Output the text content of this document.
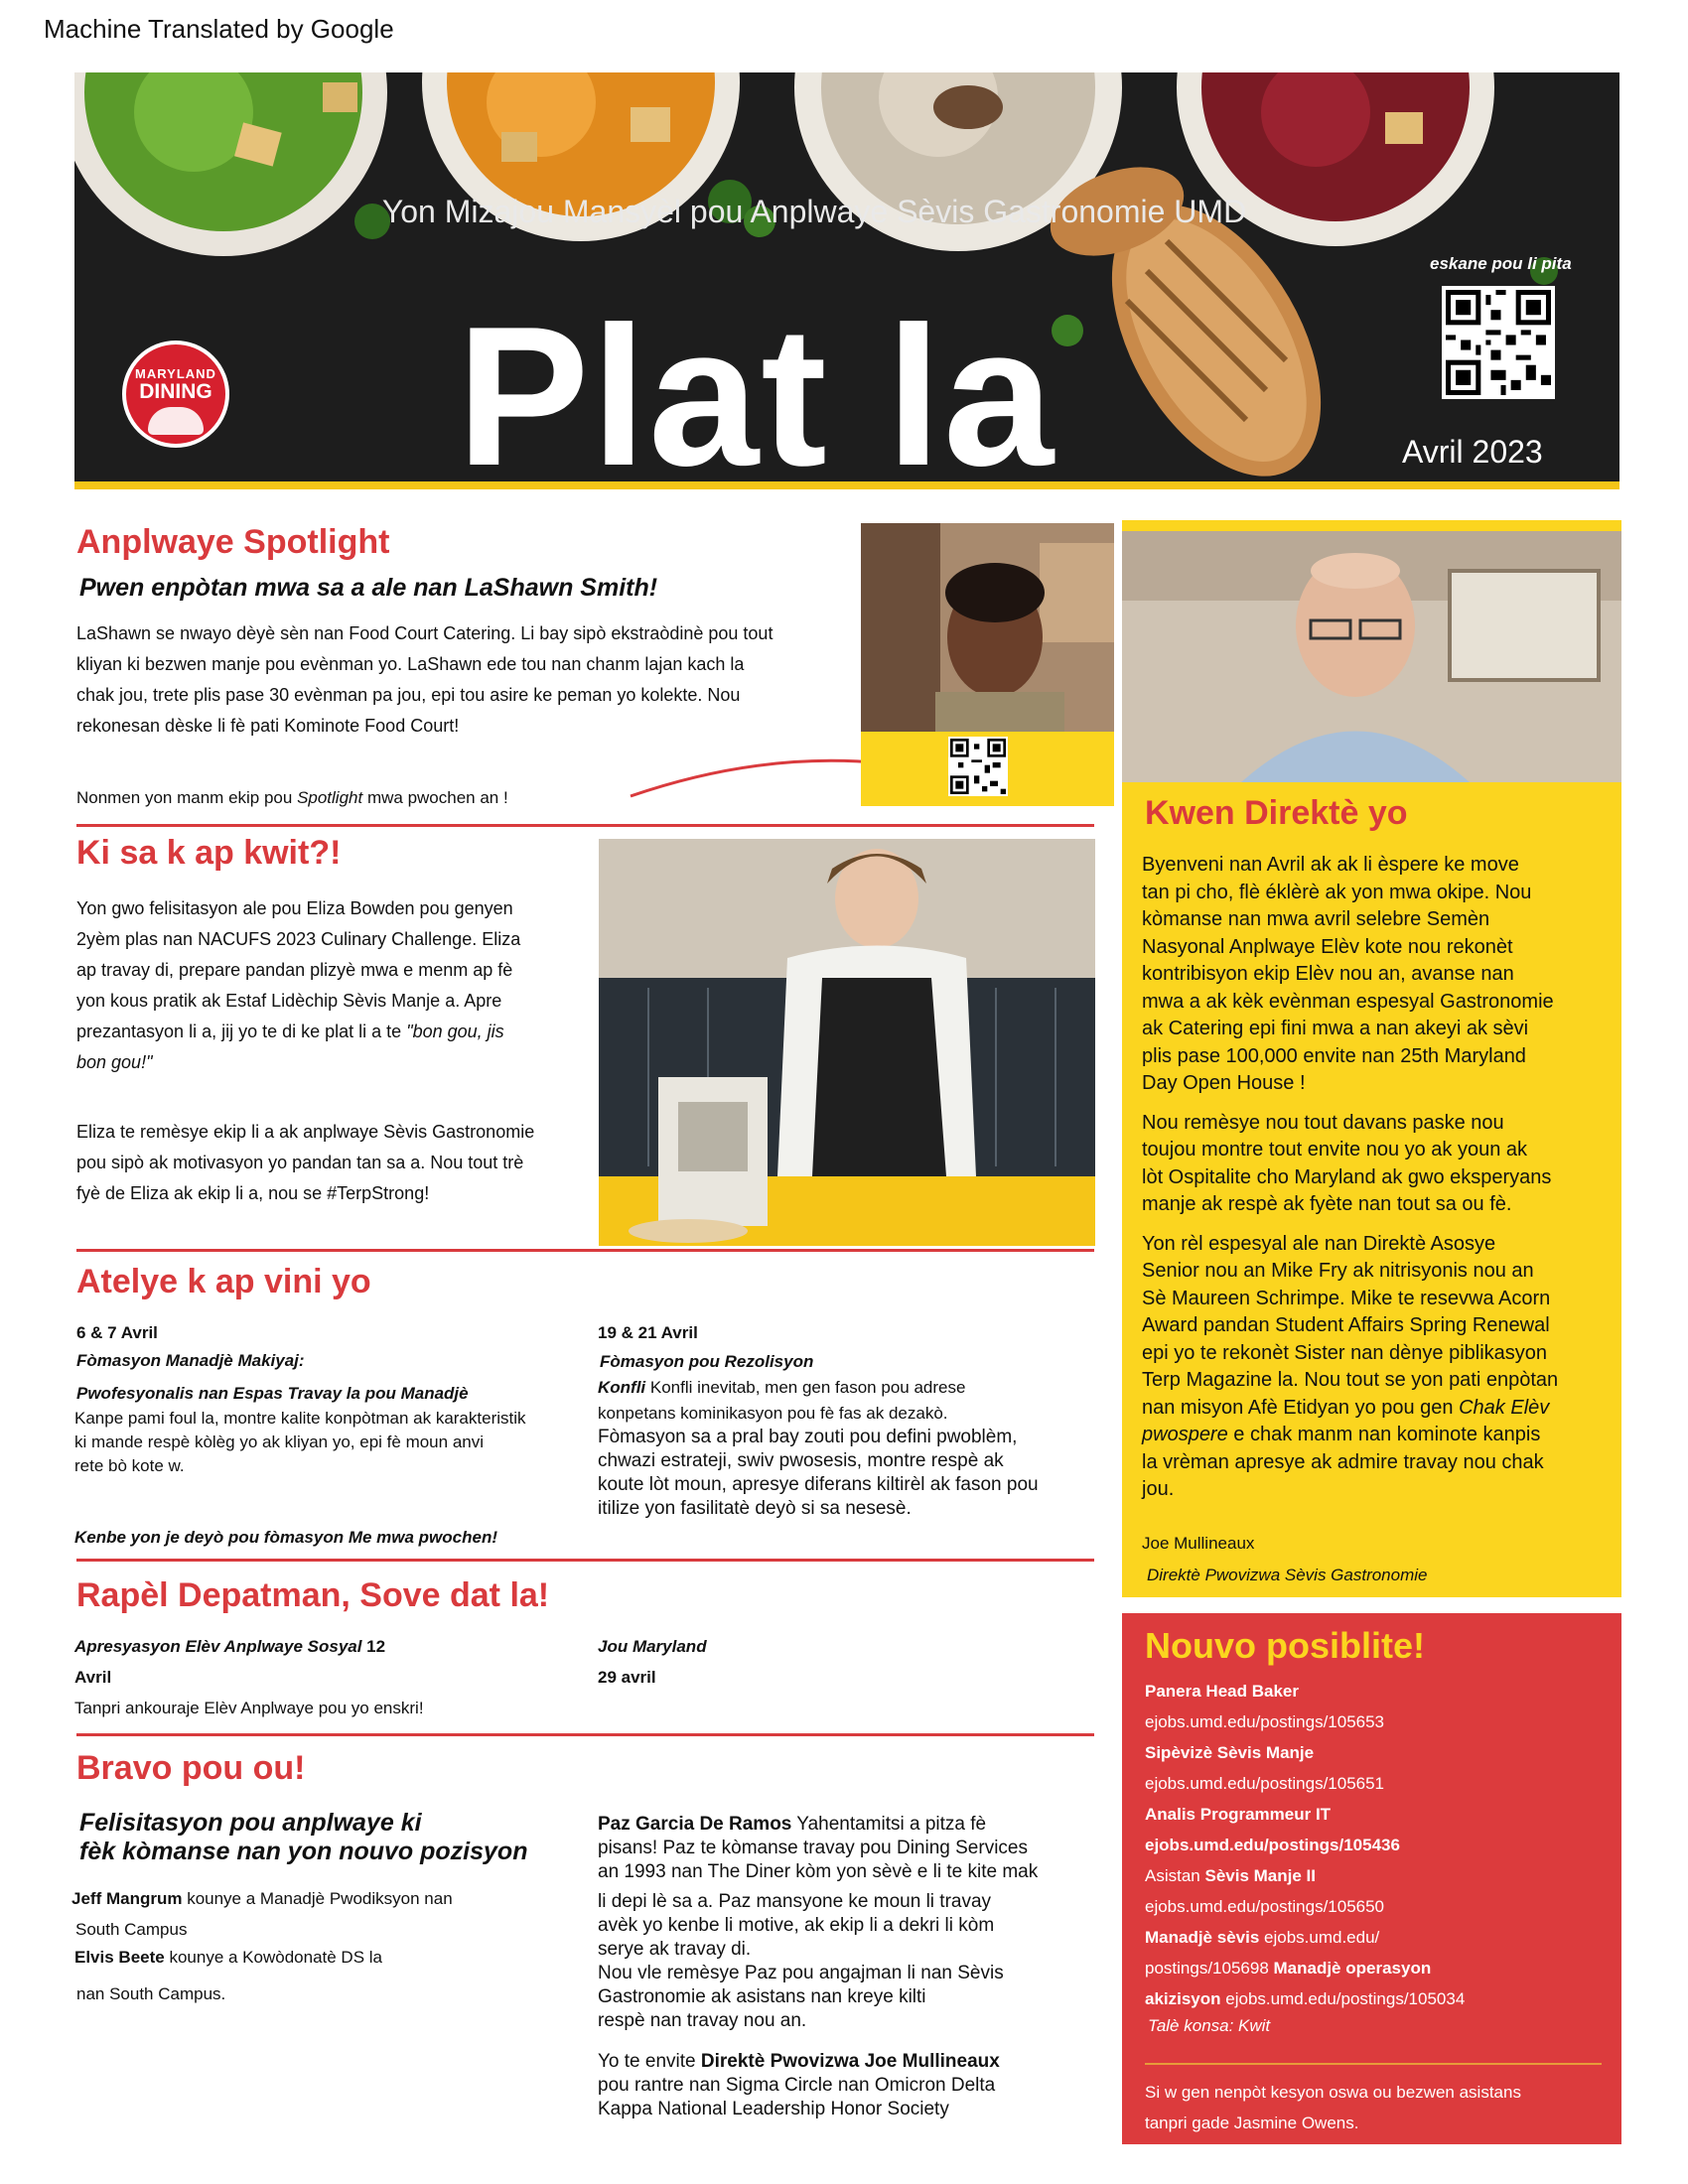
Machine Translated by Google
Yon Mizajou Mansyèl pou Anplwaye Sèvis Gastronomie UMD
Plat la	Avril 2023
eskane pou li pita
MARYLAND
DINING
Anplwaye Spotlight
Pwen enpòtan mwa sa a ale nan LaShawn Smith!
LaShawn se nwayo dèyè sèn nan Food Court Catering. Li bay sipò ekstraòdinè pou tout
kliyan ki bezwen manje pou evènman yo. LaShawn ede tou nan chanm lajan kach la
chak jou, trete plis pase 30 evènman pa jou, epi tou asire ke peman yo kolekte. Nou
rekonesan dèske li fè pati Kominote Food Court!
Nonmen yon manm ekip pou Spotlight mwa pwochen an !
Ki sa k ap kwit?!
Yon gwo felisitasyon ale pou Eliza Bowden pou genyen
2yèm plas nan NACUFS 2023 Culinary Challenge. Eliza
ap travay di, prepare pandan plizyè mwa e menm ap fè
yon kous pratik ak Estaf Lidèchip Sèvis Manje a. Apre
prezantasyon li a, jij yo te di ke plat li a te "bon gou, jis
bon gou!"
Eliza te remèsye ekip li a ak anplwaye Sèvis Gastronomie
pou sipò ak motivasyon yo pandan tan sa a. Nou tout trè
fyè de Eliza ak ekip li a, nou se #TerpStrong!
Atelye k ap vini yo
6 & 7 Avril
Fòmasyon Manadjè Makiyaj:
Pwofesyonalis nan Espas Travay la pou Manadjè
Kanpe pami foul la, montre kalite konpòtman ak karakteristik
ki mande respè kòlèg yo ak kliyan yo, epi fè moun anvi
rete bò kote w.
19 & 21 Avril
Fòmasyon pou Rezolisyon
Konfli Konfli inevitab, men gen fason pou adrese
konpetans kominikasyon pou fè fas ak dezakò.
Fòmasyon sa a pral bay zouti pou defini pwoblèm,
chwazi estrateji, swiv pwosesis, montre respè ak
koute lòt moun, apresye diferans kiltirèl ak fason pou
itilize yon fasilitatè deyò si sa nesesè.
Kenbe yon je deyò pou fòmasyon Me mwa pwochen!
Rapèl Depatman, Sove dat la!
Apresyasyon Elèv Anplwaye Sosyal 12
Avril
Tanpri ankouraje Elèv Anplwaye pou yo enskri!
Jou Maryland
29 avril
Bravo pou ou!
Felisitasyon pou anplwaye ki
fèk kòmanse nan yon nouvo pozisyon
Jeff Mangrum kounye a Manadjè Pwodiksyon nan
South Campus
Elvis Beete kounye a Kowòdonatè DS la
nan South Campus.
Paz Garcia De Ramos Yahentamitsi a pitza fè
pisans! Paz te kòmanse travay pou Dining Services
an 1993 nan The Diner kòm yon sèvè e li te kite mak
li depi lè sa a. Paz mansyone ke moun li travay
avèk yo kenbe li motive, ak ekip li a dekri li kòm
serye ak travay di.
Nou vle remèsye Paz pou angajman li nan Sèvis
Gastronomie ak asistans nan kreye kilti
respè nan travay nou an.
Yo te envite Direktè Pwovizwa Joe Mullineaux
pou rantre nan Sigma Circle nan Omicron Delta
Kappa National Leadership Honor Society
Kwen Direktè yo
Byenveni nan Avril ak ak li èspere ke move
tan pi cho, flè éklèrè ak yon mwa okipe. Nou
kòmanse nan mwa avril selebre Semèn
Nasyonal Anplwaye Elèv kote nou rekonèt
kontribisyon ekip Elèv nou an, avanse nan
mwa a ak kèk evènman espesyal Gastronomie
ak Catering epi fini mwa a nan akeyi ak sèvi
plis pase 100,000 envite nan 25th Maryland
Day Open House !
Nou remèsye nou tout davans paske nou
toujou montre tout envite nou yo ak youn ak
lòt Ospitalite cho Maryland ak gwo eksperyans
manje ak respè ak fyète nan tout sa ou fè.
Yon rèl espesyal ale nan Direktè Asosye
Senior nou an Mike Fry ak nitrisyonis nou an
Sè Maureen Schrimpe. Mike te resevwa Acorn
Award pandan Student Affairs Spring Renewal
epi yo te rekonèt Sister nan dènye piblikasyon
Terp Magazine la. Nou tout se yon pati enpòtan
nan misyon Afè Etidyan yo pou gen Chak Elèv
pwospere e chak manm nan kominote kanpis
la vrèman apresye ak admire travay nou chak
jou.
Joe Mullineaux
Direktè Pwovizwa Sèvis Gastronomie
Nouvo posiblite!
Panera Head Baker
ejobs.umd.edu/postings/105653
Sipèvizè Sèvis Manje
ejobs.umd.edu/postings/105651
Analis Programmeur IT
ejobs.umd.edu/postings/105436
Asistan Sèvis Manje II
ejobs.umd.edu/postings/105650
Manadjè sèvis ejobs.umd.edu/
postings/105698 Manadjè operasyon
akizisyon ejobs.umd.edu/postings/105034
Talè konsa: Kwit
Si w gen nenpòt kesyon oswa ou bezwen asistans
tanpri gade Jasmine Owens.
